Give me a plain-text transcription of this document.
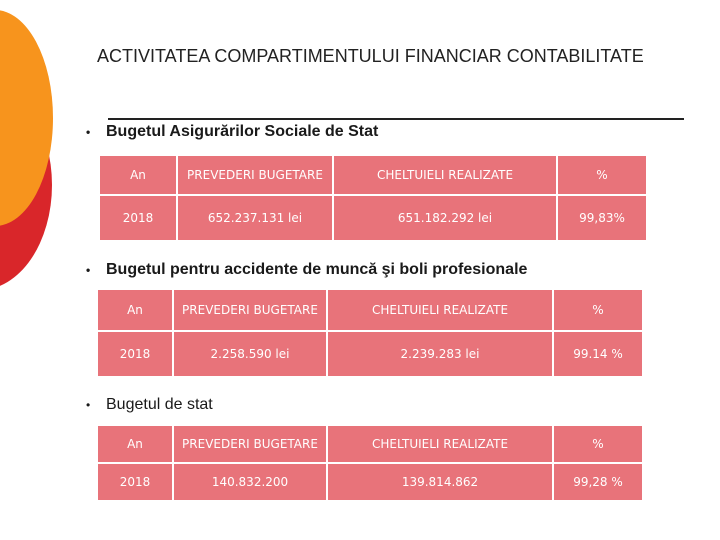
ACTIVITATEA COMPARTIMENTULUI FINANCIAR CONTABILITATE
• Bugetul Asigurărilor Sociale de Stat
An	PREVEDERI BUGETARE	CHELTUIELI REALIZATE	%
2018	652.237.131 lei	651.182.292 lei	99,83%
• Bugetul pentru accidente de muncă şi boli profesionale
An	PREVEDERI BUGETARE	CHELTUIELI REALIZATE	%
2018	2.258.590 lei	2.239.283 lei	99.14 %
• Bugetul de stat
An	PREVEDERI BUGETARE	CHELTUIELI REALIZATE	%
2018	140.832.200	139.814.862	99,28 %
